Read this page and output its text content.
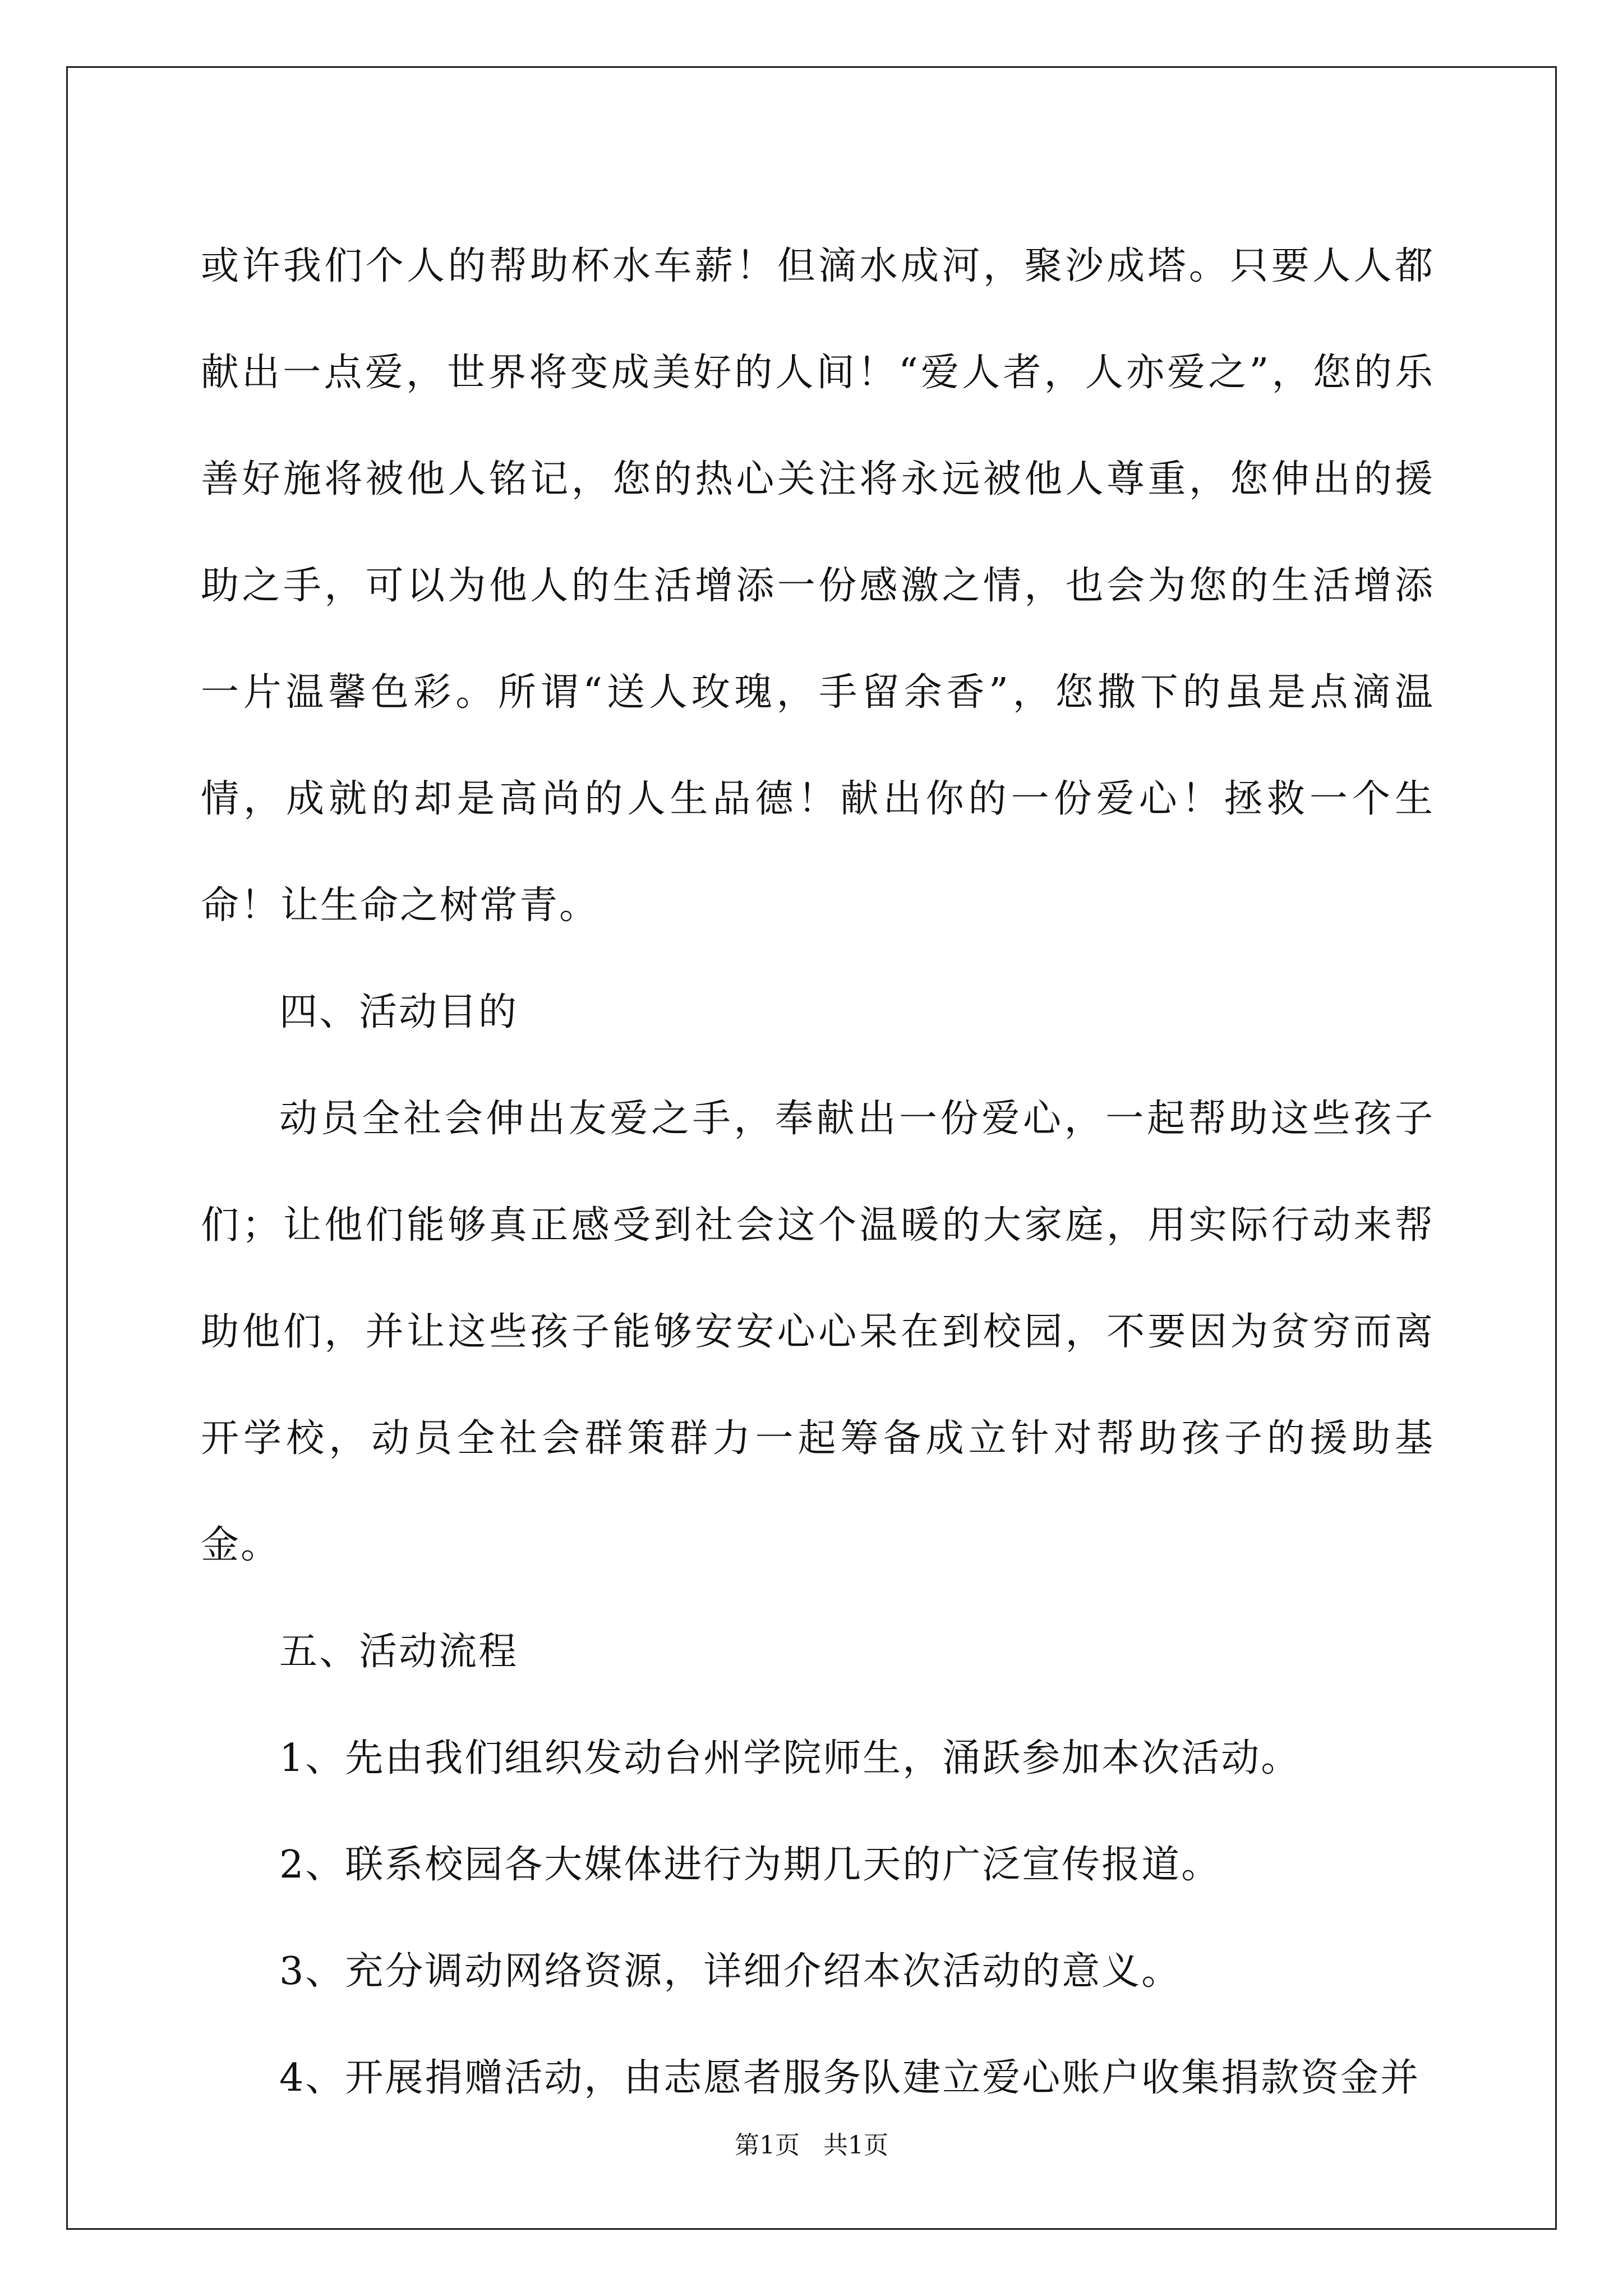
或许我们个人的帮助杯水车薪！但滴水成河，聚沙成塔。只要人人都献出一点爱，世界将变成美好的人间！“爱人者，人亦爱之”，您的乐善好施将被他人铭记，您的热心关注将永远被他人尊重，您伸出的援助之手，可以为他人的生活增添一份感激之情，也会为您的生活增添一片温馨色彩。所谓“送人玫瑰，手留余香”，您撒下的虽是点滴温情，成就的却是高尚的人生品德！献出你的一份爱心！拯救一个生命！让生命之树常青。

四、活动目的

动员全社会伸出友爱之手，奉献出一份爱心，一起帮助这些孩子们；让他们能够真正感受到社会这个温暖的大家庭，用实际行动来帮助他们，并让这些孩子能够安安心心呆在到校园，不要因为贫穷而离开学校，动员全社会群策群力一起筹备成立针对帮助孩子的援助基金。

五、活动流程

1、先由我们组织发动台州学院师生，涌跃参加本次活动。

2、联系校园各大媒体进行为期几天的广泛宣传报道。

3、充分调动网络资源，详细介绍本次活动的意义。

4、开展捐赠活动，由志愿者服务队建立爱心账户收集捐款资金并

第1页   共1页
